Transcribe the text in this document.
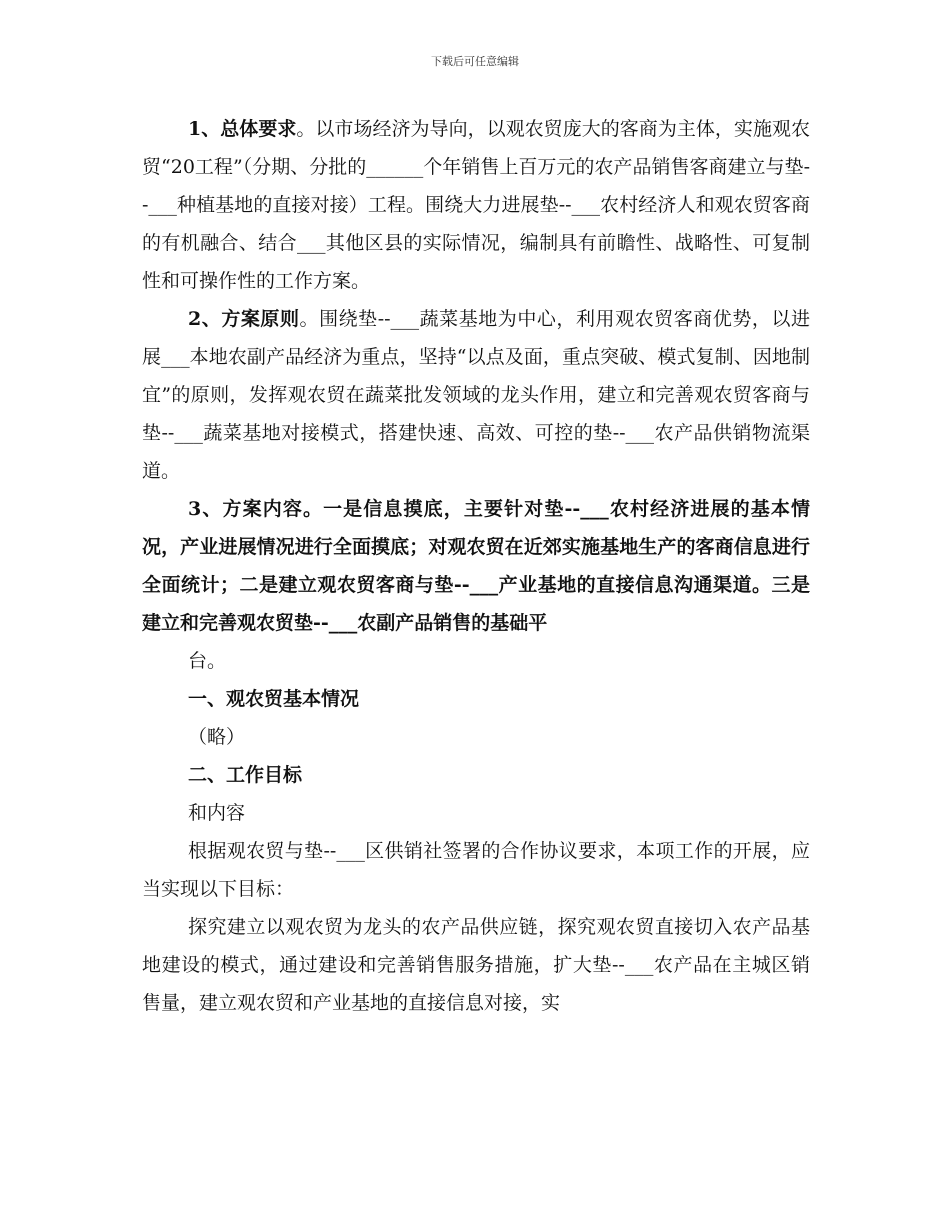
下载后可任意编辑

1、总体要求。以市场经济为导向，以观农贸庞大的客商为主体，实施观农贸“20工程”（分期、分批的______个年销售上百万元的农产品销售客商建立与垫--___种植基地的直接对接）工程。围绕大力进展垫--___农村经济人和观农贸客商的有机融合、结合___其他区县的实际情况，编制具有前瞻性、战略性、可复制性和可操作性的工作方案。

2、方案原则。围绕垫--___蔬菜基地为中心，利用观农贸客商优势，以进展___本地农副产品经济为重点，坚持“以点及面，重点突破、模式复制、因地制宜”的原则，发挥观农贸在蔬菜批发领域的龙头作用，建立和完善观农贸客商与垫--___蔬菜基地对接模式，搭建快速、高效、可控的垫--___农产品供销物流渠道。

3、方案内容。一是信息摸底，主要针对垫--___农村经济进展的基本情况，产业进展情况进行全面摸底；对观农贸在近郊实施基地生产的客商信息进行全面统计；二是建立观农贸客商与垫--___产业基地的直接信息沟通渠道。三是建立和完善观农贸垫--___农副产品销售的基础平

台。

一、观农贸基本情况

（略）

二、工作目标

和内容

根据观农贸与垫--___区供销社签署的合作协议要求，本项工作的开展，应当实现以下目标：

探究建立以观农贸为龙头的农产品供应链，探究观农贸直接切入农产品基地建设的模式，通过建设和完善销售服务措施，扩大垫--___农产品在主城区销售量，建立观农贸和产业基地的直接信息对接，实
